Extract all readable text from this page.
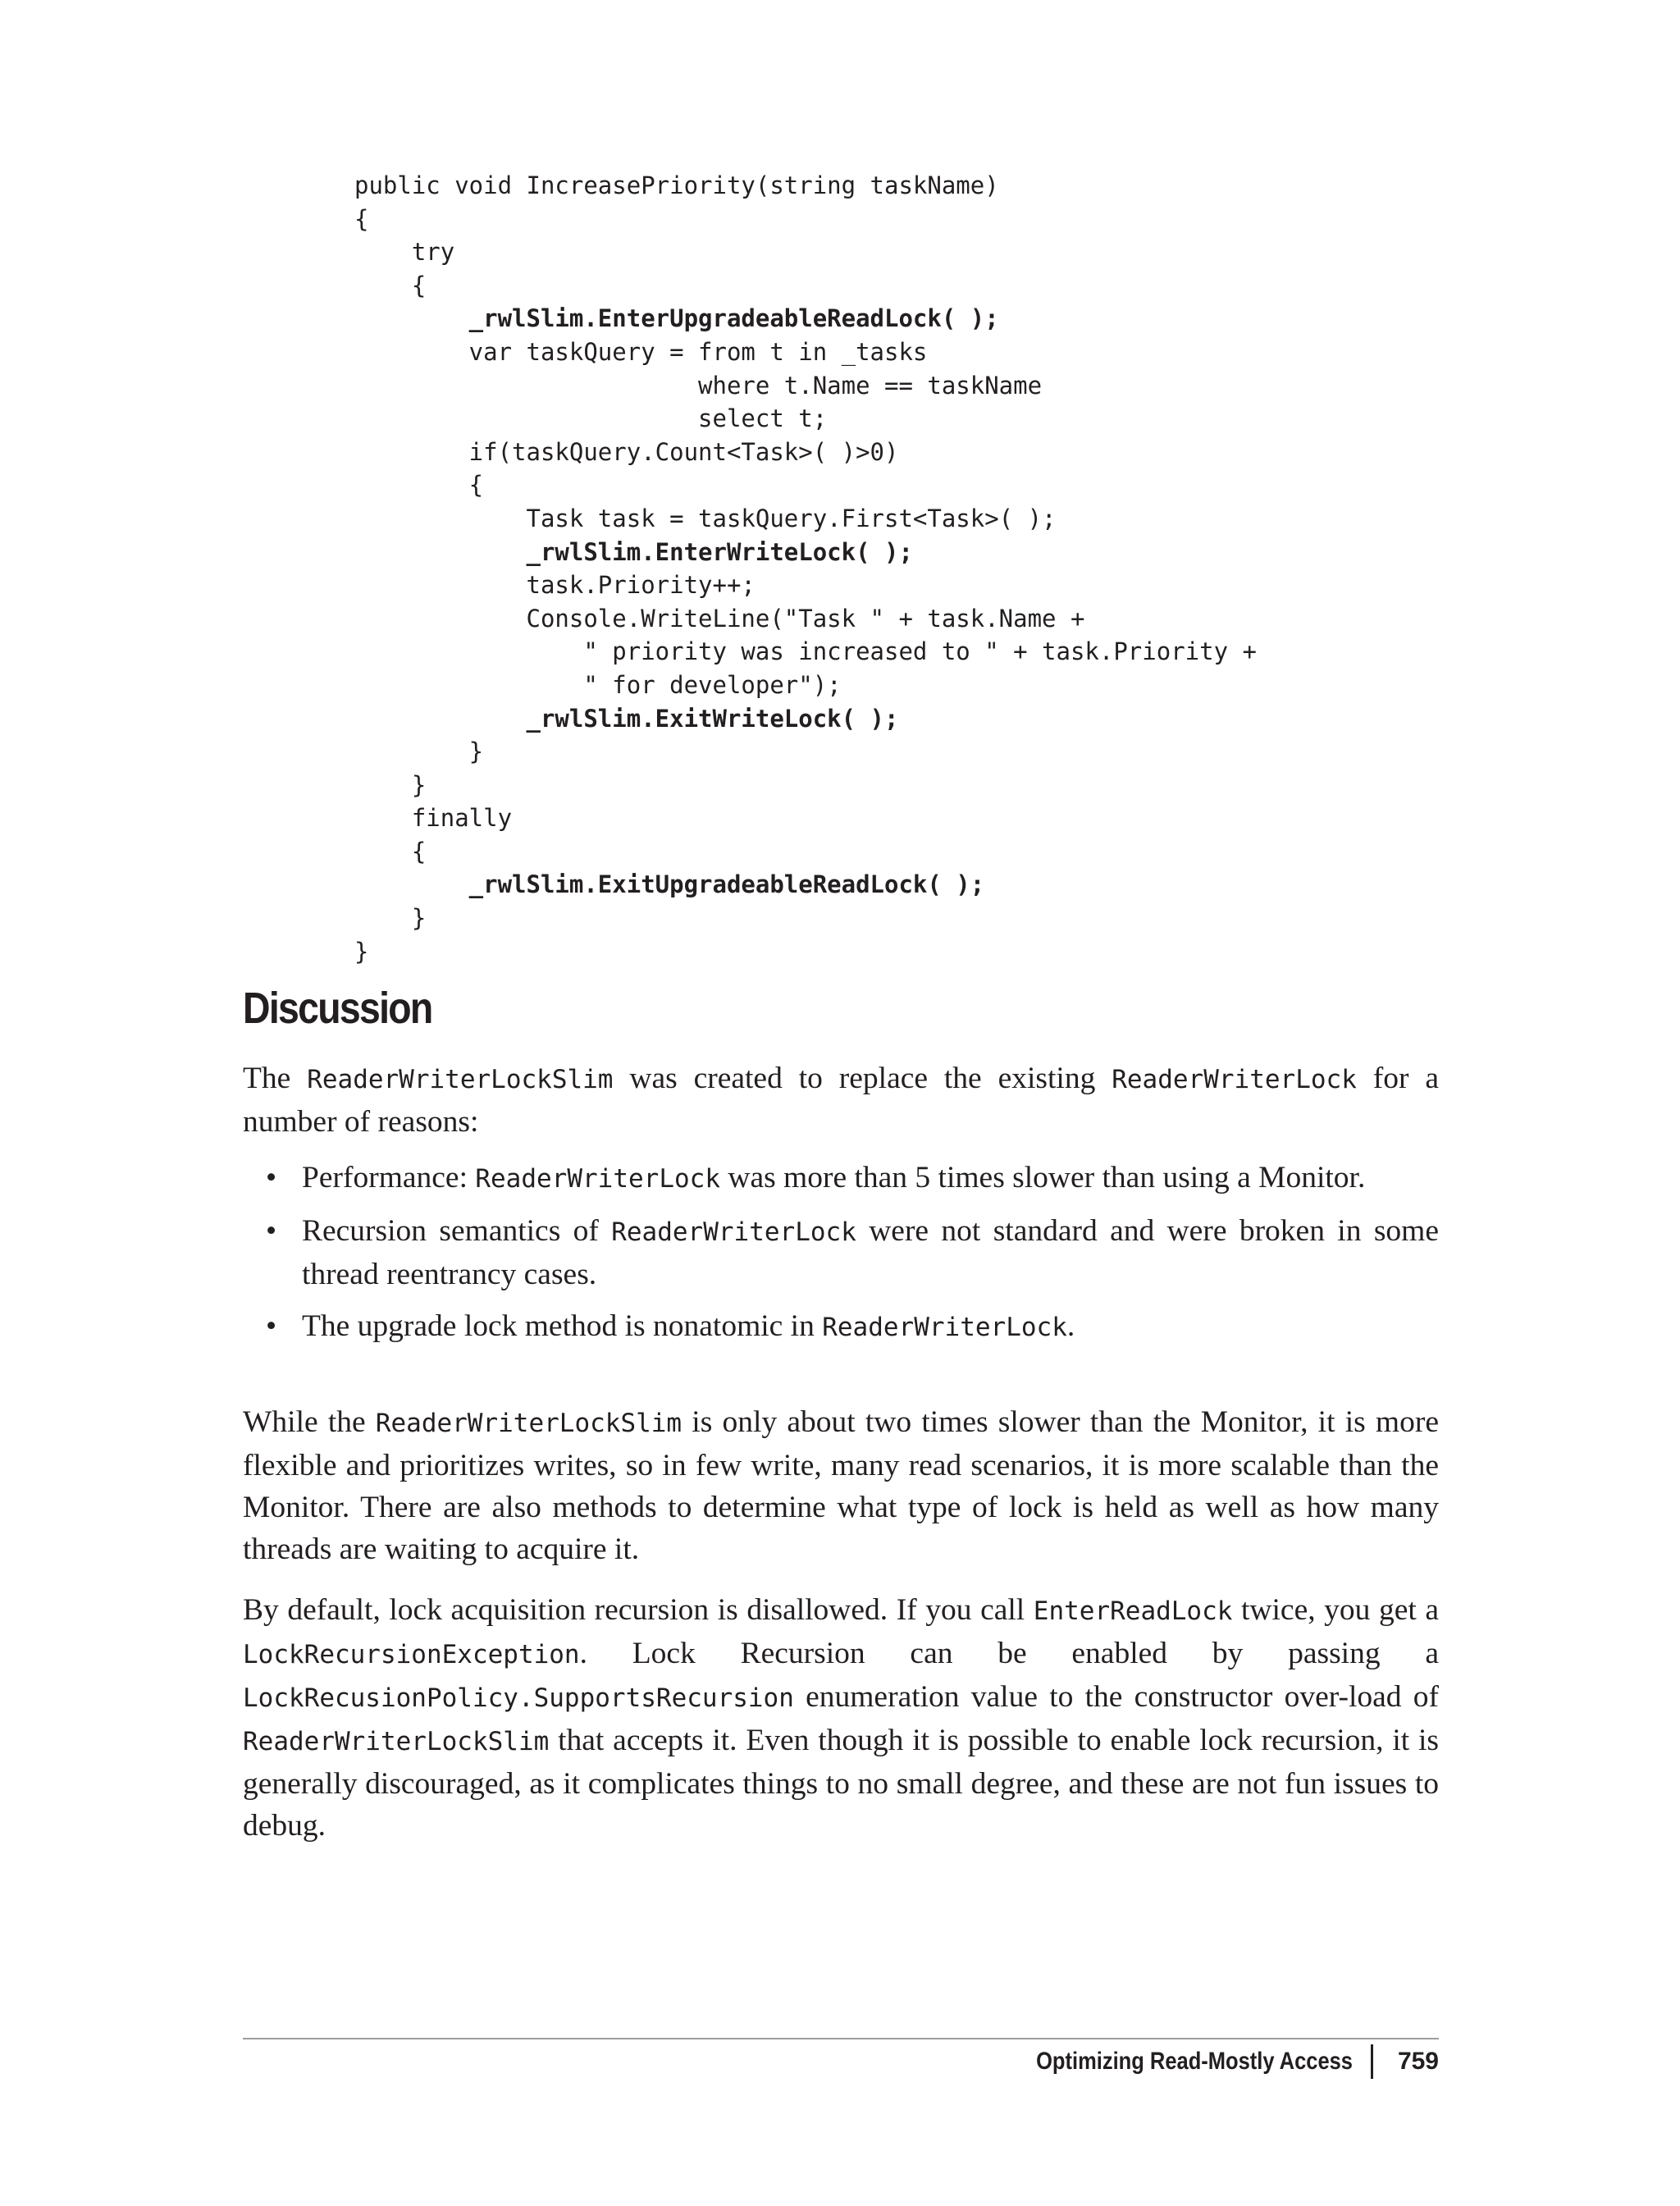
public void IncreasePriority(string taskName)
{
try
{
_rwlSlim.EnterUpgradeableReadLock( );
var taskQuery = from t in _tasks
where t.Name == taskName
select t;
if(taskQuery.Count<Task>( )>0)
{
Task task = taskQuery.First<Task>( );
_rwlSlim.EnterWriteLock( );
task.Priority++;
Console.WriteLine("Task " + task.Name +
" priority was increased to " + task.Priority +
" for developer");
_rwlSlim.ExitWriteLock( );
}
}
finally
{
_rwlSlim.ExitUpgradeableReadLock( );
}
}
Discussion

The ReaderWriterLockSlim was created to replace the existing ReaderWriterLock for a number of reasons:

• Performance: ReaderWriterLock was more than 5 times slower than using a Monitor.
• Recursion semantics of ReaderWriterLock were not standard and were broken in some thread reentrancy cases.
• The upgrade lock method is nonatomic in ReaderWriterLock.

While the ReaderWriterLockSlim is only about two times slower than the Monitor, it is more flexible and prioritizes writes, so in few write, many read scenarios, it is more scalable than the Monitor. There are also methods to determine what type of lock is held as well as how many threads are waiting to acquire it.

By default, lock acquisition recursion is disallowed. If you call EnterReadLock twice, you get a LockRecursionException. Lock Recursion can be enabled by passing a LockRecusionPolicy.SupportsRecursion enumeration value to the constructor over-load of ReaderWriterLockSlim that accepts it. Even though it is possible to enable lock recursion, it is generally discouraged, as it complicates things to no small degree, and these are not fun issues to debug.

Optimizing Read-Mostly Access 759
